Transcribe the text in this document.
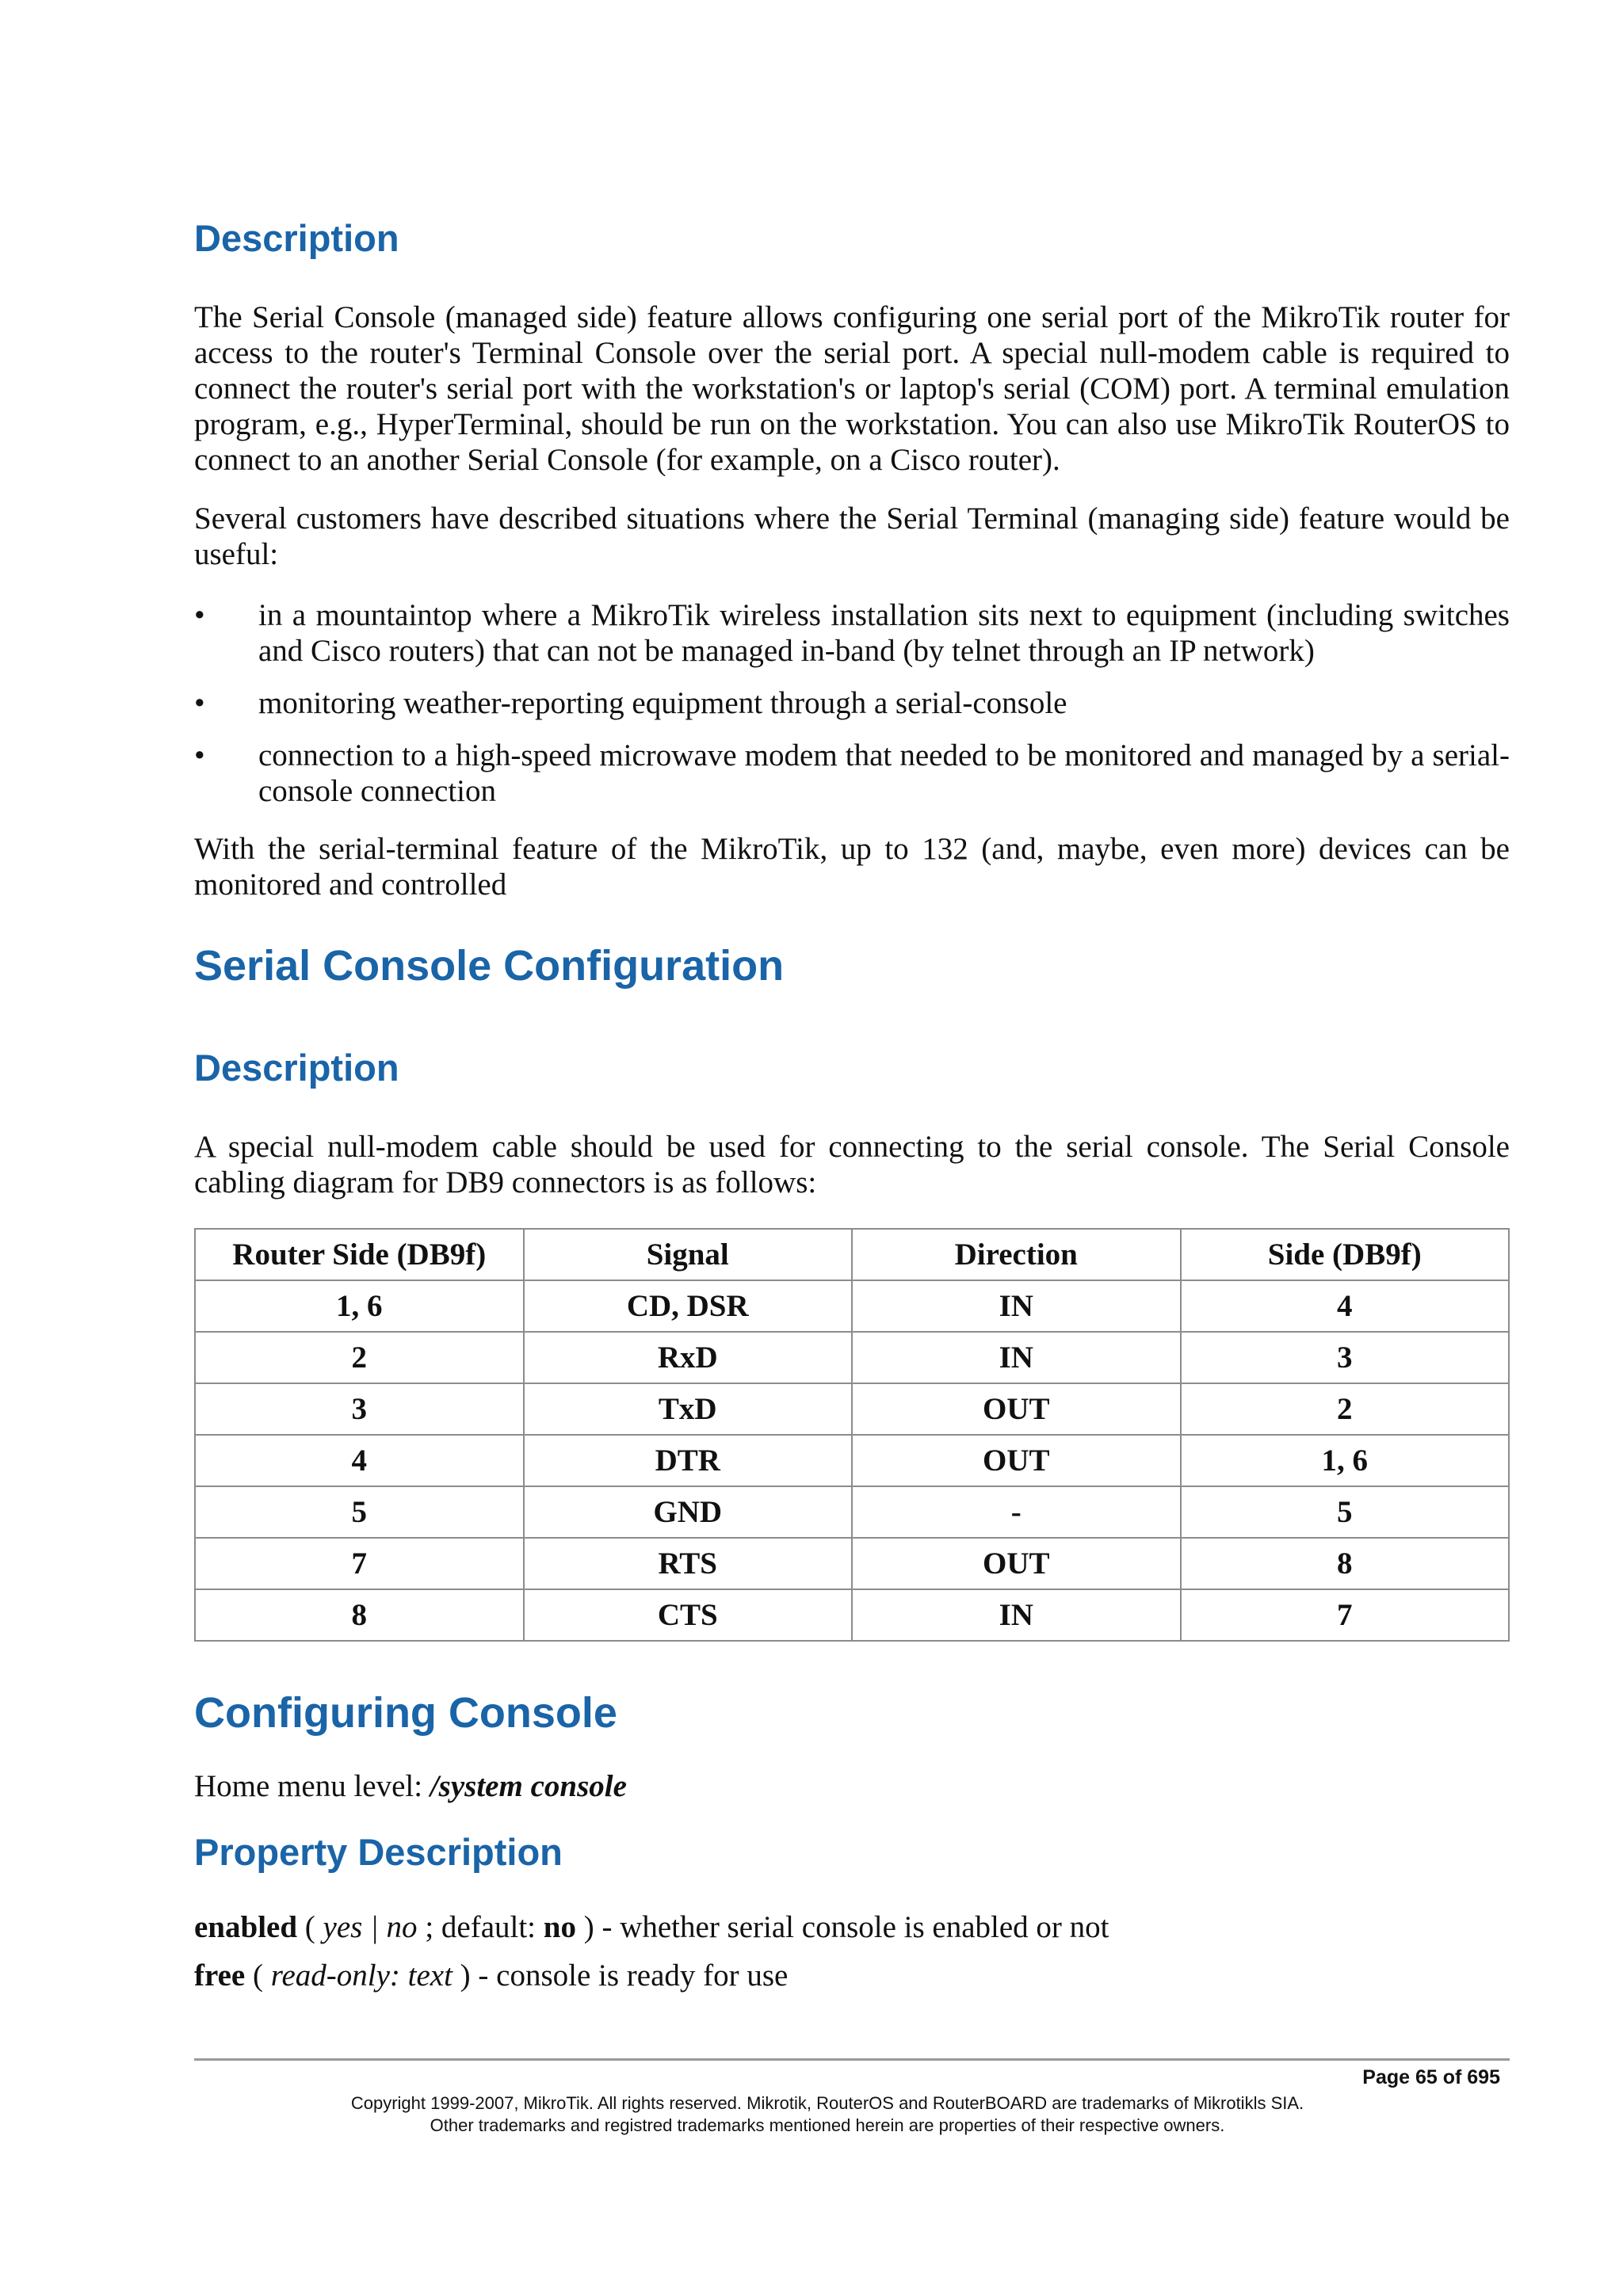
Description

The Serial Console (managed side) feature allows configuring one serial port of the MikroTik router for access to the router's Terminal Console over the serial port. A special null-modem cable is required to connect the router's serial port with the workstation's or laptop's serial (COM) port. A terminal emulation program, e.g., HyperTerminal, should be run on the workstation. You can also use MikroTik RouterOS to connect to an another Serial Console (for example, on a Cisco router).

Several customers have described situations where the Serial Terminal (managing side) feature would be useful:

• in a mountaintop where a MikroTik wireless installation sits next to equipment (including switches and Cisco routers) that can not be managed in-band (by telnet through an IP network)
• monitoring weather-reporting equipment through a serial-console
• connection to a high-speed microwave modem that needed to be monitored and managed by a serial-console connection

With the serial-terminal feature of the MikroTik, up to 132 (and, maybe, even more) devices can be monitored and controlled

Serial Console Configuration
Description

A special null-modem cable should be used for connecting to the serial console. The Serial Console cabling diagram for DB9 connectors is as follows:

Router Side (DB9f)	Signal	Direction	Side (DB9f)
1, 6	CD, DSR	IN	4
2	RxD	IN	3
3	TxD	OUT	2
4	DTR	OUT	1, 6
5	GND	-	5
7	RTS	OUT	8
8	CTS	IN	7
Configuring Console

Home menu level: /system console

Property Description

enabled ( yes | no ; default: no ) - whether serial console is enabled or not

free ( read-only: text ) - console is ready for use

Page 65 of 695
Copyright 1999-2007, MikroTik. All rights reserved. Mikrotik, RouterOS and RouterBOARD are trademarks of Mikrotikls SIA.
Other trademarks and registred trademarks mentioned herein are properties of their respective owners.
